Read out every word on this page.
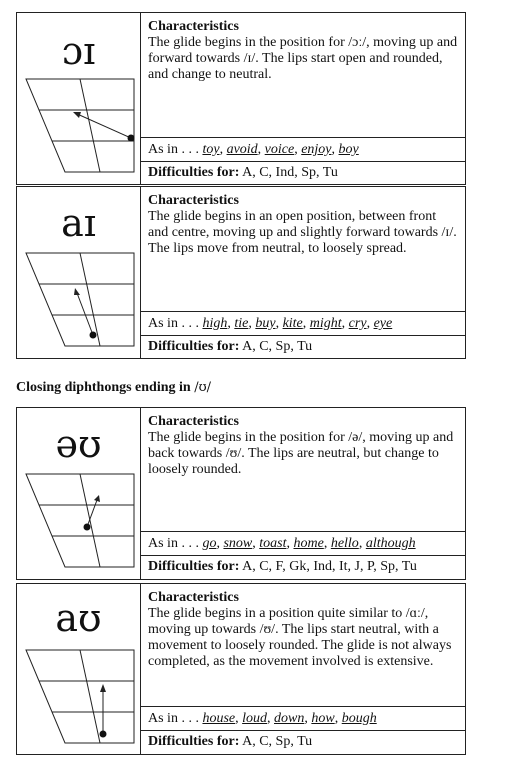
ɔɪ
Characteristics
The glide begins in the position for /ɔː/, moving up and forward towards /ɪ/. The lips start open and rounded, and change to neutral.
As in . . . toy, avoid, voice, enjoy, boy
Difficulties for: A, C, Ind, Sp, Tu
aɪ
Characteristics
The glide begins in an open position, between front and centre, moving up and slightly forward towards /ɪ/. The lips move from neutral, to loosely spread.
As in . . . high, tie, buy, kite, might, cry, eye
Difficulties for: A, C, Sp, Tu
Closing diphthongs ending in /ʊ/
əʊ
Characteristics
The glide begins in the position for /ə/, moving up and back towards /ʊ/. The lips are neutral, but change to loosely rounded.
As in . . . go, snow, toast, home, hello, although
Difficulties for: A, C, F, Gk, Ind, It, J, P, Sp, Tu
aʊ	Characteristics
The glide begins in a position quite similar to /ɑː/, moving up towards /ʊ/. The lips start neutral, with a movement to loosely rounded. The glide is not always completed, as the movement involved is extensive.
As in . . . house, loud, down, how, bough
Difficulties for: A, C, Sp, Tu
